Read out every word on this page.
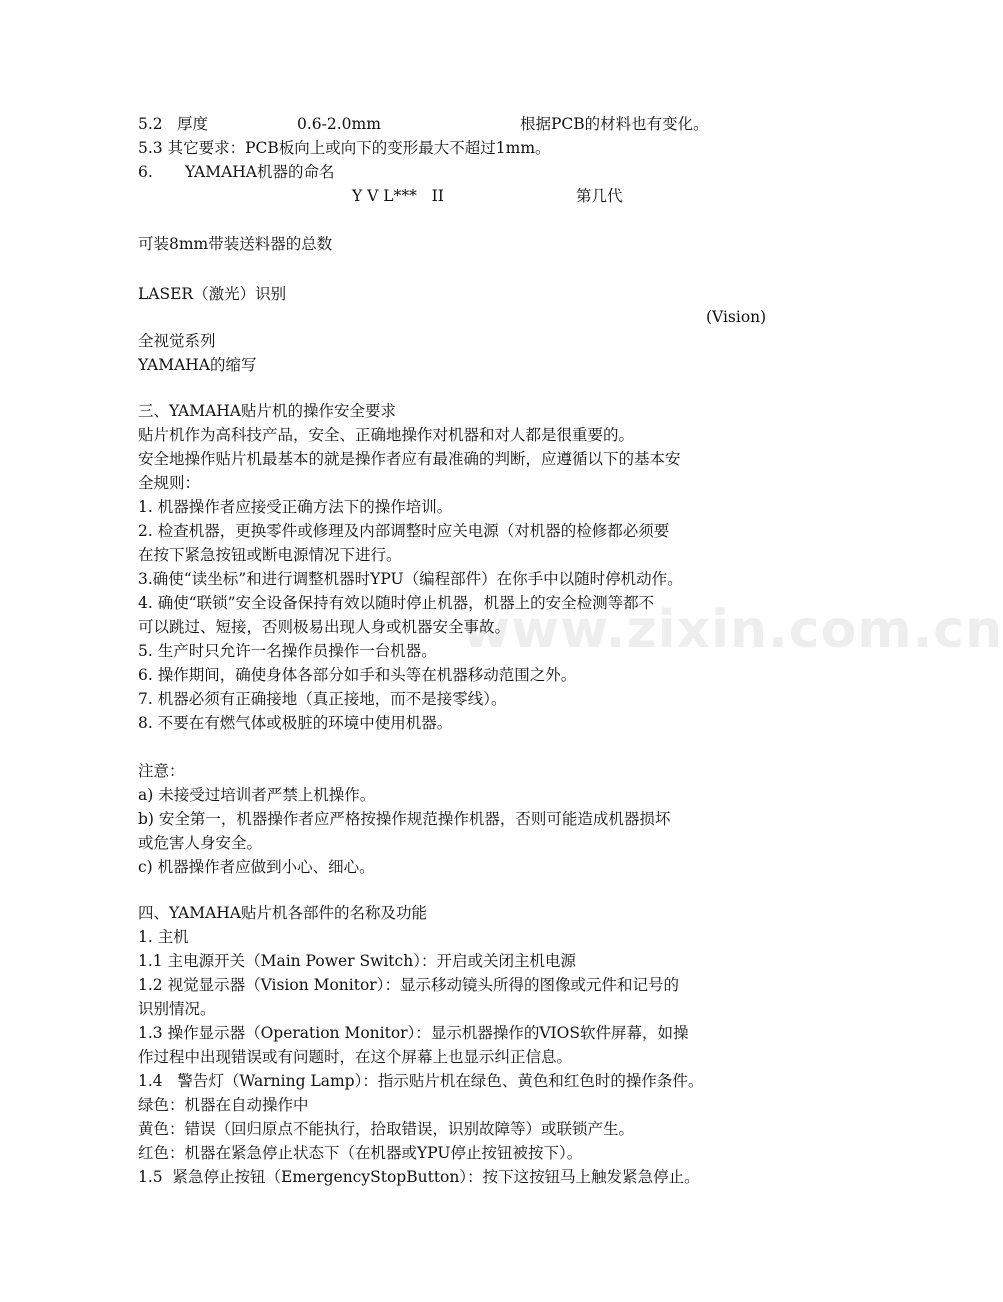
www.zixin.com.cn
5.2 厚度	0.6-2.0mm	根据PCB的材料也有变化。
5.3 其它要求：PCB板向上或向下的变形最大不超过1mm。
6. YAMAHA机器的命名
Y V L***   II	第几代
可装8mm带装送料器的总数
LASER（激光）识别
(Vision)
全视觉系列
YAMAHA的缩写
三、YAMAHA贴片机的操作安全要求
贴片机作为高科技产品，安全、正确地操作对机器和对人都是很重要的。
安全地操作贴片机最基本的就是操作者应有最准确的判断，应遵循以下的基本安
全规则：
1. 机器操作者应接受正确方法下的操作培训。
2. 检查机器，更换零件或修理及内部调整时应关电源（对机器的检修都必须要
在按下紧急按钮或断电源情况下进行。
3.确使“读坐标”和进行调整机器时YPU（编程部件）在你手中以随时停机动作。
4. 确使“联锁”安全设备保持有效以随时停止机器，机器上的安全检测等都不
可以跳过、短接，否则极易出现人身或机器安全事故。
5. 生产时只允许一名操作员操作一台机器。
6. 操作期间，确使身体各部分如手和头等在机器移动范围之外。
7. 机器必须有正确接地（真正接地，而不是接零线）。
8. 不要在有燃气体或极脏的环境中使用机器。
注意：
a) 未接受过培训者严禁上机操作。
b) 安全第一，机器操作者应严格按操作规范操作机器，否则可能造成机器损坏
或危害人身安全。
c) 机器操作者应做到小心、细心。
四、YAMAHA贴片机各部件的名称及功能
1. 主机
1.1 主电源开关（Main Power Switch）：开启或关闭主机电源
1.2 视觉显示器（Vision Monitor）：显示移动镜头所得的图像或元件和记号的
识别情况。
1.3 操作显示器（Operation Monitor）：显示机器操作的VIOS软件屏幕，如操
作过程中出现错误或有问题时，在这个屏幕上也显示纠正信息。
1.4   警告灯（Warning Lamp）：指示贴片机在绿色、黄色和红色时的操作条件。
绿色：机器在自动操作中
黄色：错误（回归原点不能执行，拾取错误，识别故障等）或联锁产生。
红色：机器在紧急停止状态下（在机器或YPU停止按钮被按下）。
1.5  紧急停止按钮（EmergencyStopButton）：按下这按钮马上触发紧急停止。
